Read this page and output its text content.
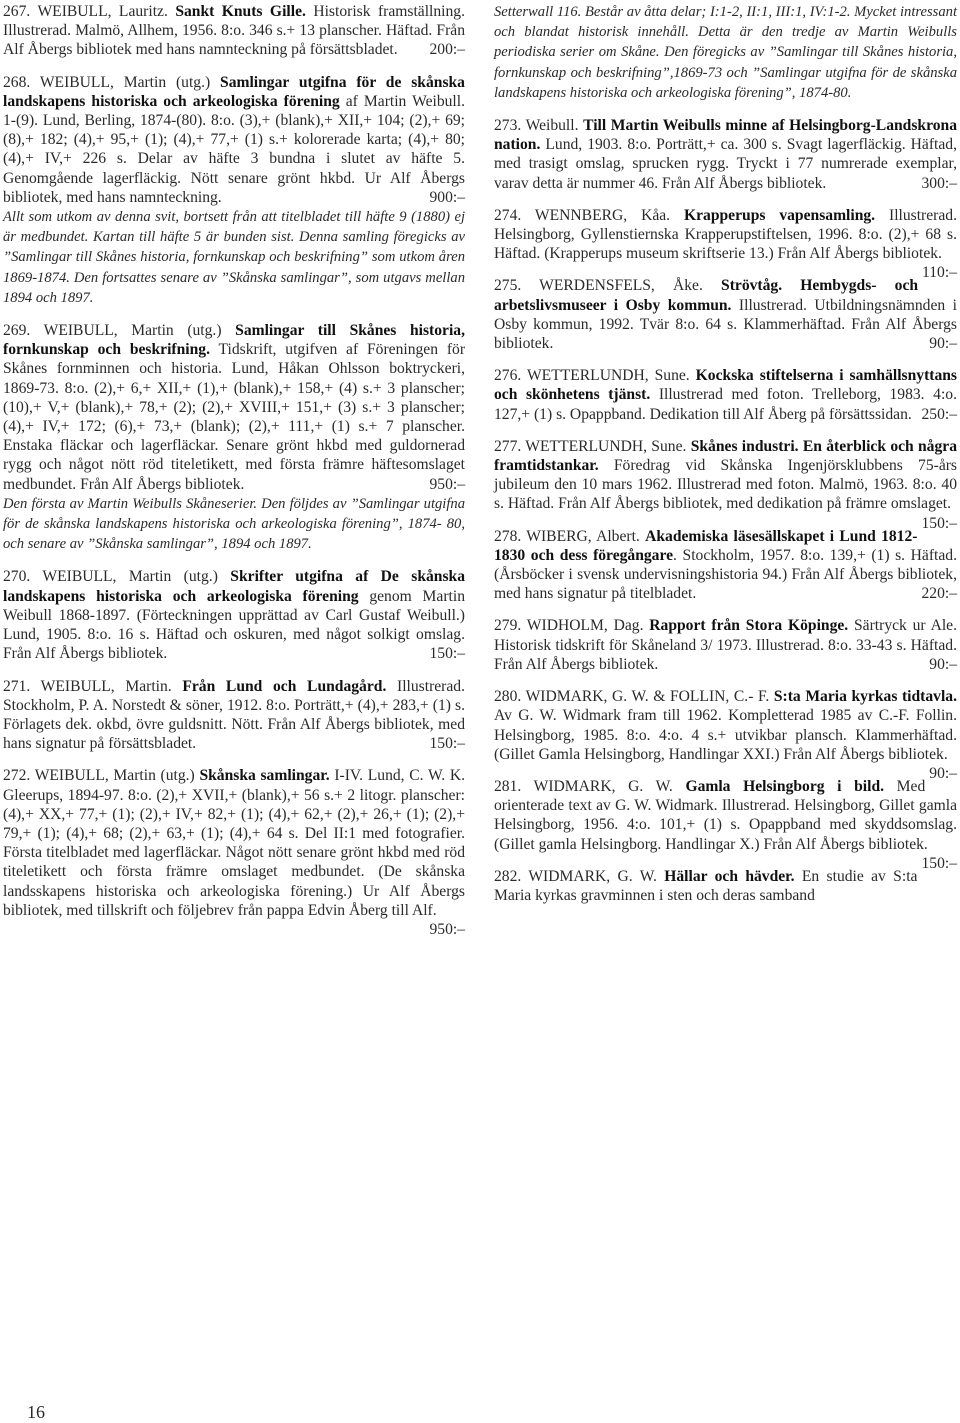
267. WEIBULL, Lauritz. Sankt Knuts Gille. Historisk framställning. Illustrerad. Malmö, Allhem, 1956. 8:o. 346 s.+ 13 planscher. Häftad. Från Alf Åbergs bibliotek med hans namnteckning på försättsbladet. 200:–

268. WEIBULL, Martin (utg.) Samlingar utgifna för de skånska landskapens historiska och arkeologiska förening af Martin Weibull. 1-(9). Lund, Berling, 1874-(80). 8:o. (3),+ (blank),+ XII,+ 104; (2),+ 69; (8),+ 182; (4),+ 95,+ (1); (4),+ 77,+ (1) s.+ kolorerade karta; (4),+ 80; (4),+ IV,+ 226 s. Delar av häfte 3 bundna i slutet av häfte 5. Genomgående lagerfläckig. Nött senare grönt hkbd. Ur Alf Åbergs bibliotek, med hans namnteckning.	900:–

Allt som utkom av denna svit, bortsett från att titelbladet till häfte 9 (1880) ej är medbundet. Kartan till häfte 5 är bunden sist. Denna samling föregicks av ”Samlingar till Skånes historia, fornkunskap och beskrifning” som utkom åren 1869-1874. Den fortsattes senare av ”Skånska samlingar”, som utgavs mellan 1894 och 1897.

269. WEIBULL, Martin (utg.) Samlingar till Skånes historia, fornkunskap och beskrifning. Tidskrift, utgifven af Föreningen för Skånes fornminnen och historia. Lund, Håkan Ohlsson boktryckeri, 1869-73. 8:o. (2),+ 6,+ XII,+ (1),+ (blank),+ 158,+ (4) s.+ 3 planscher; (10),+ V,+ (blank),+ 78,+ (2); (2),+ XVIII,+ 151,+ (3) s.+ 3 planscher; (4),+ IV,+ 172; (6),+ 73,+ (blank); (2),+ 111,+ (1) s.+ 7 planscher. Enstaka fläckar och lagerfläckar. Senare grönt hkbd med guldornerad rygg och något nött röd titeletikett, med första främre häftesomslaget medbundet. Från Alf Åbergs bibliotek.	950:–

Den första av Martin Weibulls Skåneserier. Den följdes av ”Samlingar utgifna för de skånska landskapens historiska och arkeologiska förening”, 1874- 80, och senare av ”Skånska samlingar”, 1894 och 1897.

270. WEIBULL, Martin (utg.) Skrifter utgifna af De skånska landskapens historiska och arkeologiska förening genom Martin Weibull 1868-1897. (Förteckningen upprättad av Carl Gustaf Weibull.) Lund, 1905. 8:o. 16 s. Häftad och oskuren, med något solkigt omslag. Från Alf Åbergs bibliotek.	150:–

271. WEIBULL, Martin. Från Lund och Lundagård. Illustrerad. Stockholm, P. A. Norstedt & söner, 1912. 8:o. Porträtt,+ (4),+ 283,+ (1) s. Förlagets dek. okbd, övre guldsnitt. Nött. Från Alf Åbergs bibliotek, med hans signatur på försättsbladet.	150:–

272. WEIBULL, Martin (utg.) Skånska samlingar. I-IV. Lund, C. W. K. Gleerups, 1894-97. 8:o. (2),+ XVII,+ (blank),+ 56 s.+ 2 litogr. planscher: (4),+ XX,+ 77,+ (1); (2),+ IV,+ 82,+ (1); (4),+ 62,+ (2),+ 26,+ (1); (2),+ 79,+ (1); (4),+ 68; (2),+ 63,+ (1); (4),+ 64 s. Del II:1 med fotografier. Första titelbladet med lagerfläckar. Något nött senare grönt hkbd med röd titeletikett och första främre omslaget medbundet. (De skånska landsskapens historiska och arkeologiska förening.) Ur Alf Åbergs bibliotek, med tillskrift och följebrev från pappa Edvin Åberg till Alf.
950:–

Setterwall 116. Består av åtta delar; I:1-2, II:1, III:1, IV:1-2. Mycket intressant och blandat historisk innehåll. Detta är den tredje av Martin Weibulls periodiska serier om Skåne. Den föregicks av ”Samlingar till Skånes historia, fornkunskap och beskrifning”,1869-73 och ”Samlingar utgifna för de skånska landskapens historiska och arkeologiska förening”, 1874-80.

273. Weibull. Till Martin Weibulls minne af Helsingborg-Landskrona nation. Lund, 1903. 8:o. Porträtt,+ ca. 300 s. Svagt lagerfläckig. Häftad, med trasigt omslag, sprucken rygg. Tryckt i 77 numrerade exemplar, varav detta är nummer 46. Från Alf Åbergs bibliotek.	300:–

274. WENNBERG, Kåa. Krapperups vapensamling. Illustrerad. Helsingborg, Gyllenstiernska Krapperupstiftelsen, 1996. 8:o. (2),+ 68 s. Häftad. (Krapperups museum skriftserie 13.) Från Alf Åbergs bibliotek.
110:–

275. WERDENSFELS, Åke. Strövtåg. Hembygds- och arbetslivsmuseer i Osby kommun. Illustrerad. Utbildningsnämnden i Osby kommun, 1992. Tvär 8:o. 64 s. Klammerhäftad. Från Alf Åbergs bibliotek.	90:–

276. WETTERLUNDH, Sune. Kockska stiftelserna i samhällsnyttans och skönhetens tjänst. Illustrerad med foton. Trelleborg, 1983. 4:o. 127,+ (1) s. Opappband. Dedikation till Alf Åberg på försättssidan. 250:–

277. WETTERLUNDH, Sune. Skånes industri. En återblick och några framtidstankar. Föredrag vid Skånska Ingenjörsklubbens 75-års jubileum den 10 mars 1962. Illustrerad med foton. Malmö, 1963. 8:o. 40 s. Häftad. Från Alf Åbergs bibliotek, med dedikation på främre omslaget.
150:–

278. WIBERG, Albert. Akademiska läsesällskapet i Lund 1812-1830 och dess föregångare. Stockholm, 1957. 8:o. 139,+ (1) s. Häftad. (Årsböcker i svensk undervisningshistoria 94.) Från Alf Åbergs bibliotek, med hans signatur på titelbladet.	220:–

279. WIDHOLM, Dag. Rapport från Stora Köpinge. Särtryck ur Ale. Historisk tidskrift för Skåneland 3/ 1973. Illustrerad. 8:o. 33-43 s. Häftad. Från Alf Åbergs bibliotek.	90:–

280. WIDMARK, G. W. & FOLLIN, C.- F. S:ta Maria kyrkas tidtavla. Av G. W. Widmark fram till 1962. Kompletterad 1985 av C.-F. Follin. Helsingborg, 1985. 8:o. 4:o. 4 s.+ utvikbar plansch. Klammerhäftad. (Gillet Gamla Helsingborg, Handlingar XXI.) Från Alf Åbergs bibliotek.
90:–

281. WIDMARK, G. W. Gamla Helsingborg i bild. Med orienterade text av G. W. Widmark. Illustrerad. Helsingborg, Gillet gamla Helsingborg, 1956. 4:o. 101,+ (1) s. Opappband med skyddsomslag. (Gillet gamla Helsingborg. Handlingar X.) Från Alf Åbergs bibliotek.
150:–

282. WIDMARK, G. W. Hällar och hävder. En studie av S:ta Maria kyrkas gravminnen i sten och deras samband

16
